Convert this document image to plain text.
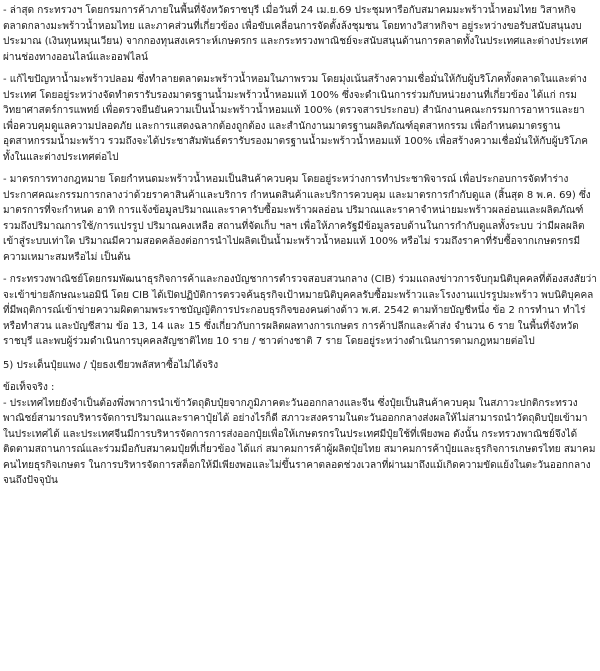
- ล่าสุด กระทรวงฯ โดยกรมการค้าภายในพื้นที่จังหวัดราชบุรี เมื่อวันที่ 24 เม.ย.69 ประชุมหารือกับสมาคมมะพร้าวน้ำหอมไทย วิสาหกิจตลาดกลางมะพร้าวน้ำหอมไทย และภาคส่วนที่เกี่ยวข้อง เพื่อขับเคลื่อนการจัดตั้งล้งชุมชน โดยทางวิสาหกิจฯ อยู่ระหว่างขอรับสนับสนุนงบประมาณ (เงินทุนหมุนเวียน) จากกองทุนสงเคราะห์เกษตรกร และกระทรวงพาณิชย์จะสนับสนุนด้านการตลาดทั้งในประเทศและต่างประเทศ ผ่านช่องทางออนไลน์และออฟไลน์

- แก้ไขปัญหาน้ำมะพร้าวปลอม ซึ่งทำลายตลาดมะพร้าวน้ำหอมในภาพรวม โดยมุ่งเน้นสร้างความเชื่อมั่นให้กับผู้บริโภคทั้งตลาดในและต่างประเทศ โดยอยู่ระหว่างจัดทำตรารับรองมาตรฐานน้ำมะพร้าวน้ำหอมแท้ 100% ซึ่งจะดำเนินการร่วมกับหน่วยงานที่เกี่ยวข้อง ได้แก่ กรมวิทยาศาสตร์การแพทย์ เพื่อตรวจยืนยันความเป็นน้ำมะพร้าวน้ำหอมแท้ 100% (ตรวจสารประกอบ) สำนักงานคณะกรรมการอาหารและยา เพื่อควบคุมดูแลความปลอดภัย และการแสดงฉลากต้องถูกต้อง และสำนักงานมาตรฐานผลิตภัณฑ์อุตสาหกรรม เพื่อกำหนดมาตรฐานอุตสาหกรรมน้ำมะพร้าว รวมถึงจะได้ประชาสัมพันธ์ตรารับรองมาตรฐานน้ำมะพร้าวน้ำหอมแท้ 100% เพื่อสร้างความเชื่อมั่นให้กับผู้บริโภคทั้งในและต่างประเทศต่อไป

- มาตรการทางกฎหมาย โดยกำหนดมะพร้าวน้ำหอมเป็นสินค้าควบคุม โดยอยู่ระหว่างการทำประชาพิจารณ์ เพื่อประกอบการจัดทำร่างประกาศคณะกรรมการกลางว่าด้วยราคาสินค้าและบริการ กำหนดสินค้าและบริการควบคุม และมาตรการกำกับดูแล (สิ้นสุด 8 พ.ค. 69) ซึ่งมาตรการที่จะกำหนด อาทิ การแจ้งข้อมูลปริมาณและราคารับซื้อมะพร้าวผลอ่อน ปริมาณและราคาจำหน่ายมะพร้าวผลอ่อนและผลิตภัณฑ์ รวมถึงปริมาณการใช้/การแปรรูป ปริมาณคงเหลือ สถานที่จัดเก็บ ฯลฯ เพื่อให้ภาครัฐมีข้อมูลรอบด้านในการกำกับดูแลทั้งระบบ ว่ามีผลผลิตเข้าสู่ระบบเท่าใด ปริมาณมีความสอดคล้องต่อการนำไปผลิตเป็นน้ำมะพร้าวน้ำหอมแท้ 100% หรือไม่ รวมถึงราคาที่รับซื้อจากเกษตรกรมีความเหมาะสมหรือไม่ เป็นต้น

- กระทรวงพาณิชย์โดยกรมพัฒนาธุรกิจการค้าและกองบัญชาการตำรวจสอบสวนกลาง (CIB) ร่วมแถลงข่าวการจับกุมนิติบุคคลที่ต้องสงสัยว่าจะเข้าข่ายลักษณะนอมินี โดย CIB ได้เปิดปฏิบัติการตรวจค้นธุรกิจเป้าหมายนิติบุคคลรับซื้อมะพร้าวและโรงงานแปรรูปมะพร้าว พบนิติบุคคลที่มีพฤติการณ์เข้าข่ายความผิดตามพระราชบัญญัติการประกอบธุรกิจของคนต่างด้าว พ.ศ. 2542 ตามท้ายบัญชีหนึ่ง ข้อ 2 การทำนา ทำไร่ หรือทำสวน และบัญชีสาม ข้อ 13, 14 และ 15 ซึ่งเกี่ยวกับการผลิตผลทางการเกษตร การค้าปลีกและค้าส่ง จำนวน 6 ราย ในพื้นที่จังหวัดราชบุรี และพบผู้ร่วมดำเนินการบุคคลสัญชาติไทย 10 ราย / ชาวต่างชาติ 7 ราย โดยอยู่ระหว่างดำเนินการตามกฎหมายต่อไป

5) ประเด็นปุ๋ยแพง / ปุ๋ยธงเขียวพลัสหาซื้อไม่ได้จริง

ข้อเท็จจริง :

- ประเทศไทยยังจำเป็นต้องพึ่งพาการนำเข้าวัตถุดิบปุ๋ยจากภูมิภาคตะวันออกกลางและจีน ซึ่งปุ๋ยเป็นสินค้าควบคุม ในสภาวะปกติกระทรวงพาณิชย์สามารถบริหารจัดการปริมาณและราคาปุ๋ยได้ อย่างไรก็ดี สภาวะสงครามในตะวันออกกลางส่งผลให้ไม่สามารถนำวัตถุดิบปุ๋ยเข้ามาในประเทศได้ และประเทศจีนมีการบริหารจัดการการส่งออกปุ๋ยเพื่อให้เกษตรกรในประเทศมีปุ๋ยใช้ที่เพียงพอ ดังนั้น กระทรวงพาณิชย์จึงได้ติดตามสถานการณ์และร่วมมือกับสมาคมปุ๋ยที่เกี่ยวข้อง ได้แก่ สมาคมการค้าผู้ผลิตปุ๋ยไทย สมาคมการค้าปุ๋ยและธุรกิจการเกษตรไทย สมาคมคนไทยธุรกิจเกษตร ในการบริหารจัดการสต็อกให้มีเพียงพอและไม่ขึ้นราคาตลอดช่วงเวลาที่ผ่านมาถึงแม้เกิดความขัดแย้งในตะวันออกกลางจนถึงปัจจุบัน
